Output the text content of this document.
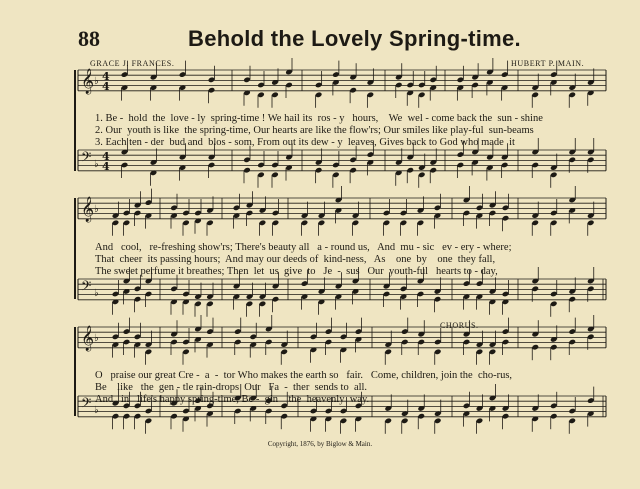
88	Behold the Lovely Spring-time.
GRACE J. FRANCES.	HUBERT P. MAIN.
𝄞 ♭
𝄢 ♭
𝄞 ♭
𝄢 ♭
𝄞 ♭
𝄢 ♭
4
4
4
4
1. Be -  hold  the  love - ly  spring-time ! We hail its  ros - y   hours,    We  wel - come back the  sun - shine
2. Our  youth is like  the spring-time, Our hearts are like the flow'rs; Our smiles like play-ful  sun-beams
3. Each ten - der  bud and  blos - som, From out its dew - y  leaves, Gives back to God who made  it
And   cool,   re-freshing show'rs; There's beauty all   a - round us,   And  mu - sic   ev - ery - where;
That  cheer  its passing hours;  And may our deeds of  kind-ness,   As    one  by    one  they fall,
The sweet perfume it breathes; Then  let  us  give  to   Je  -  sus   Our  youth-ful   hearts to - day,
CHORUS.
O   praise our great Cre -  a  -  tor Who makes the earth so   fair.   Come, children, join the  cho-rus,
Be    like   the  gen - tle rain-drops  Our   Fa  -  ther  sends to  all.
And   in   life's happy spring-time, Be -  gin    the  heavenly  way.
Copyright, 1876, by Biglow & Main.
